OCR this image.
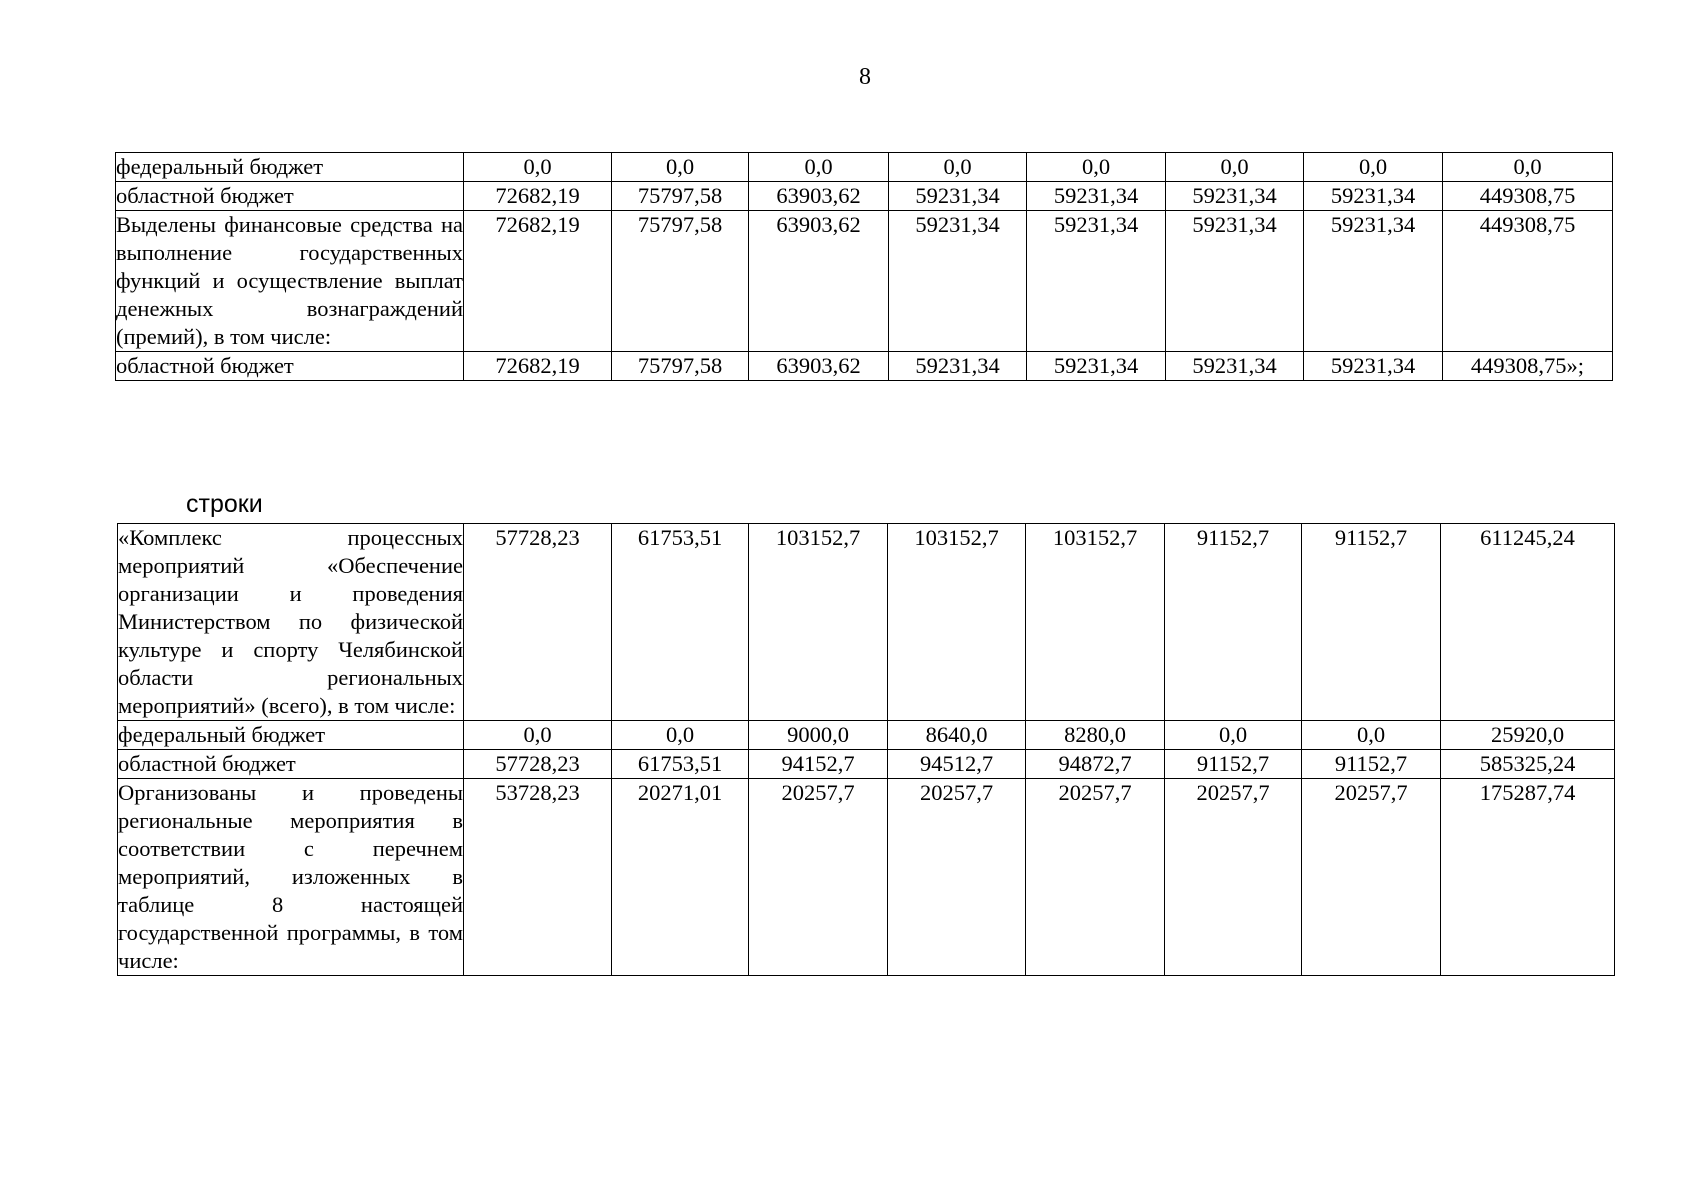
8
федеральный бюджет	0,0	0,0	0,0	0,0	0,0	0,0	0,0	0,0
областной бюджет	72682,19	75797,58	63903,62	59231,34	59231,34	59231,34	59231,34	449308,75
Выделены финансовые средства на выполнение государственных функций и осуществление выплат денежных вознаграждений (премий), в том числе:	72682,19	75797,58	63903,62	59231,34	59231,34	59231,34	59231,34	449308,75
областной бюджет	72682,19	75797,58	63903,62	59231,34	59231,34	59231,34	59231,34	449308,75»;
строки
«Комплекс процессных мероприятий «Обеспечение организации и проведения Министерством по физической культуре и спорту Челябинской области региональных мероприятий» (всего), в том числе:	57728,23	61753,51	103152,7	103152,7	103152,7	91152,7	91152,7	611245,24
федеральный бюджет	0,0	0,0	9000,0	8640,0	8280,0	0,0	0,0	25920,0
областной бюджет	57728,23	61753,51	94152,7	94512,7	94872,7	91152,7	91152,7	585325,24
Организованы и проведены региональные мероприятия в соответствии с перечнем мероприятий, изложенных в таблице 8 настоящей государственной программы, в том числе:	53728,23	20271,01	20257,7	20257,7	20257,7	20257,7	20257,7	175287,74
